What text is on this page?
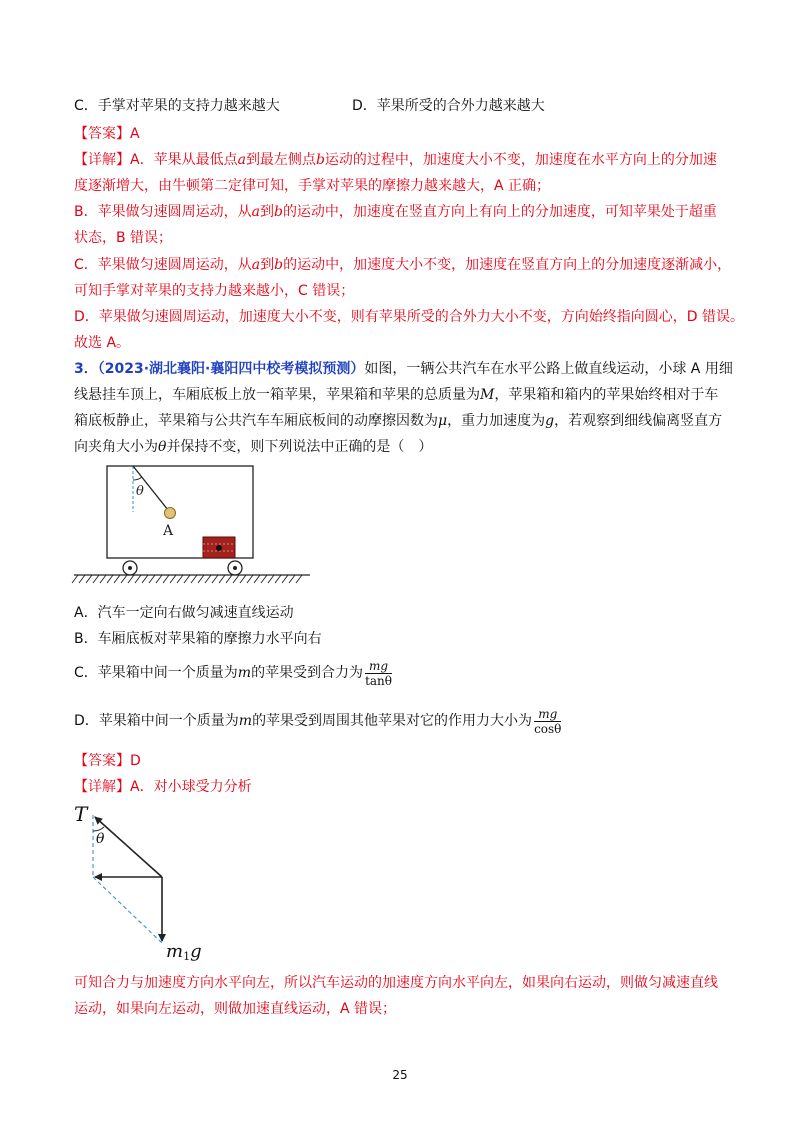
C．手掌对苹果的支持力越来越大	D．苹果所受的合外力越来越大
【答案】A
【详解】A．苹果从最低点a到最左侧点b运动的过程中，加速度大小不变，加速度在水平方向上的分加速
度逐渐增大，由牛顿第二定律可知，手掌对苹果的摩擦力越来越大，A 正确；
B．苹果做匀速圆周运动，从a到b的运动中，加速度在竖直方向上有向上的分加速度，可知苹果处于超重
状态，B 错误；
C．苹果做匀速圆周运动，从a到b的运动中，加速度大小不变，加速度在竖直方向上的分加速度逐渐减小，
可知手掌对苹果的支持力越来越小，C 错误；
D．苹果做匀速圆周运动，加速度大小不变，则有苹果所受的合外力大小不变，方向始终指向圆心，D 错误。
故选 A。
3．（2023·湖北襄阳·襄阳四中校考模拟预测）如图，一辆公共汽车在水平公路上做直线运动，小球 A 用细
线悬挂车顶上，车厢底板上放一箱苹果，苹果箱和苹果的总质量为M，苹果箱和箱内的苹果始终相对于车
箱底板静止，苹果箱与公共汽车车厢底板间的动摩擦因数为μ，重力加速度为g，若观察到细线偏离竖直方
向夹角大小为θ并保持不变，则下列说法中正确的是（　）
θ
A
A．汽车一定向右做匀减速直线运动
B．车厢底板对苹果箱的摩擦力水平向右
C．苹果箱中间一个质量为m的苹果受到合力为 $\frac{mg}{\tan\theta}$
D．苹果箱中间一个质量为m的苹果受到周围其他苹果对它的作用力大小为 $\frac{mg}{\cos\theta}$
【答案】D
【详解】A．对小球受力分析
T
θ
m1g
可知合力与加速度方向水平向左，所以汽车运动的加速度方向水平向左，如果向右运动，则做匀减速直线
运动，如果向左运动，则做加速直线运动，A 错误；
25
